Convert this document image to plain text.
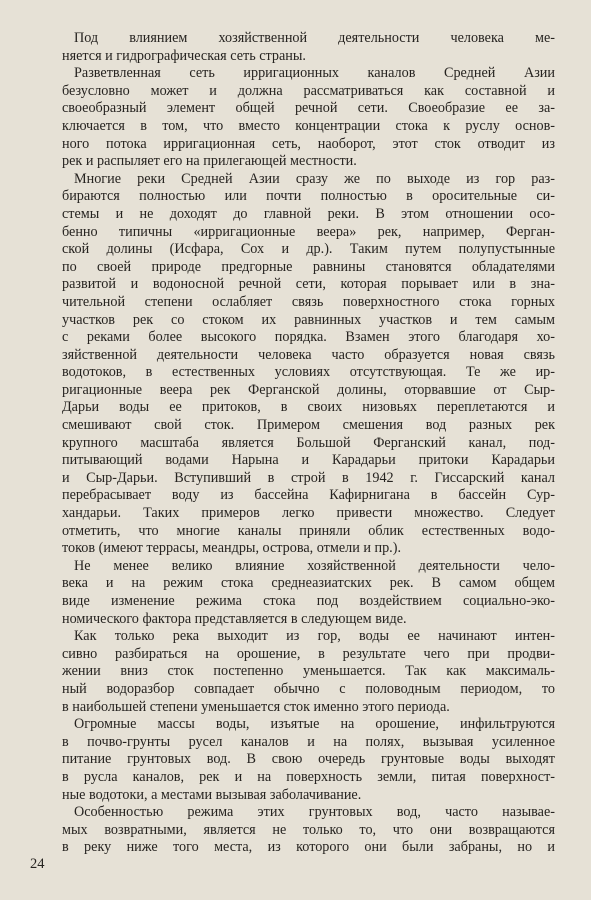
Под влиянием хозяйственной деятельности человека ме-
няется и гидрографическая сеть страны.
Разветвленная сеть ирригационных каналов Средней Азии
безусловно может и должна рассматриваться как составной и
своеобразный элемент общей речной сети. Своеобразие ее за-
ключается в том, что вместо концентрации стока к руслу основ-
ного потока ирригационная сеть, наоборот, этот сток отводит из
рек и распыляет его на прилегающей местности.
Многие реки Средней Азии сразу же по выходе из гор раз-
бираются полностью или почти полностью в оросительные си-
стемы и не доходят до главной реки. В этом отношении осо-
бенно типичны «ирригационные веера» рек, например, Ферган-
ской долины (Исфара, Сох и др.). Таким путем полупустынные
по своей природе предгорные равнины становятся обладателями
развитой и водоносной речной сети, которая порывает или в зна-
чительной степени ослабляет связь поверхностного стока горных
участков рек со стоком их равнинных участков и тем самым
с реками более высокого порядка. Взамен этого благодаря хо-
зяйственной деятельности человека часто образуется новая связь
водотоков, в естественных условиях отсутствующая. Те же ир-
ригационные веера рек Ферганской долины, оторвавшие от Сыр-
Дарьи воды ее притоков, в своих низовьях переплетаются и
смешивают свой сток. Примером смешения вод разных рек
крупного масштаба является Большой Ферганский канал, под-
питывающий водами Нарына и Карадарьи притоки Карадарьи
и Сыр-Дарьи. Вступивший в строй в 1942 г. Гиссарский канал
перебрасывает воду из бассейна Кафирнигана в бассейн Сур-
хандарьи. Таких примеров легко привести множество. Следует
отметить, что многие каналы приняли облик естественных водо-
токов (имеют террасы, меандры, острова, отмели и пр.).
Не менее велико влияние хозяйственной деятельности чело-
века и на режим стока среднеазиатских рек. В самом общем
виде изменение режима стока под воздействием социально-эко-
номического фактора представляется в следующем виде.
Как только река выходит из гор, воды ее начинают интен-
сивно разбираться на орошение, в результате чего при продви-
жении вниз сток постепенно уменьшается. Так как максималь-
ный водоразбор совпадает обычно с половодным периодом, то
в наибольшей степени уменьшается сток именно этого периода.
Огромные массы воды, изъятые на орошение, инфильтруются
в почво-грунты русел каналов и на полях, вызывая усиленное
питание грунтовых вод. В свою очередь грунтовые воды выходят
в русла каналов, рек и на поверхность земли, питая поверхност-
ные водотоки, а местами вызывая заболачивание.
Особенностью режима этих грунтовых вод, часто называе-
мых возвратными, является не только то, что они возвращаются
в реку ниже того места, из которого они были забраны, но и
24
